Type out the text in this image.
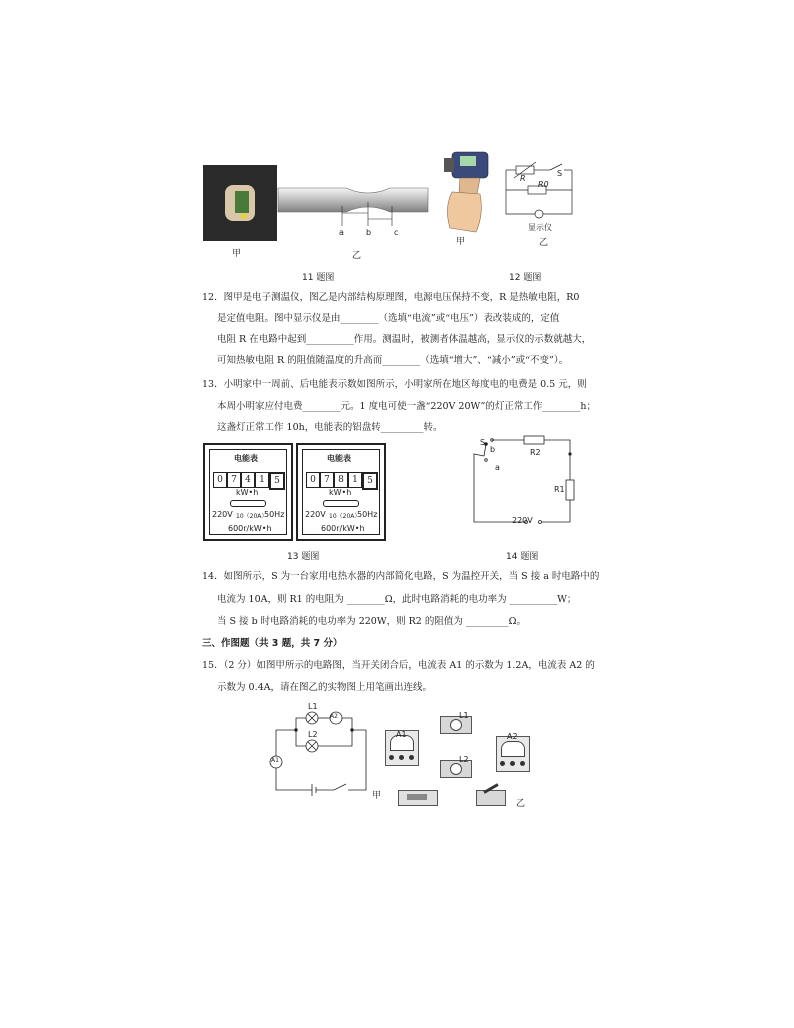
甲
a	b	c
乙
甲
R
S
R0
显示仪
乙
11 题图	12 题图
12．图甲是电子测温仪，图乙是内部结构原理图，电源电压保持不变，R 是热敏电阻，R0
是定值电阻。图中显示仪是由________（选填“电流”或“电压”）表改装成的，定值
电阻 R 在电路中起到__________作用。测温时，被测者体温越高，显示仪的示数就越大，
可知热敏电阻 R 的阻值随温度的升高而________（选填“增大”、“减小”或“不变”）。
13．小明家中一周前、后电能表示数如图所示，小明家所在地区每度电的电费是 0.5 元，则
本周小明家应付电费________元。1 度电可使一盏“220V 20W”的灯正常工作________h；
这盏灯正常工作 10h，电能表的铝盘转_________转。
电能表
0 7 4 1	5
kW•h
220V 10（20A）
50Hz
600r/kW•h
电能表
0 7 8 1	5
kW•h
220V 10（20A）
50Hz
600r/kW•h
S
b
a
R2
R1
220V
13 题图	14 题图
14．如图所示，S 为一台家用电热水器的内部简化电路，S 为温控开关，当 S 接 a 时电路中的
电流为 10A，则 R1 的电阻为 ________Ω，此时电路消耗的电功率为 __________W；
当 S 接 b 时电路消耗的电功率为 220W，则 R2 的阻值为 _________Ω。
三、作图题（共 3 题，共 7 分）
15．（2 分）如图甲所示的电路图，当开关闭合后，电流表 A1 的示数为 1.2A，电流表 A2 的
示数为 0.4A，请在图乙的实物图上用笔画出连线。
L1
A2
L2
A1
甲
A1
L1
L2
A2
乙
